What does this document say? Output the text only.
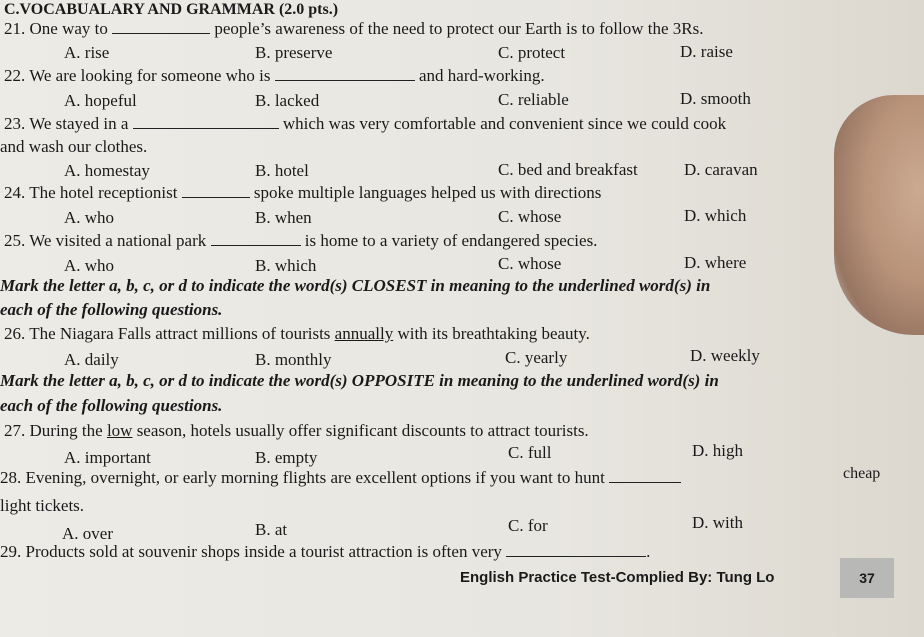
C.VOCABUALARY AND GRAMMAR (2.0 pts.)
21. One way to	people’s awareness of the need to protect our Earth is to follow the 3Rs.
A. rise	B. preserve	C. protect	D. raise
22. We are looking for someone who is	and hard-working.
A. hopeful	B. lacked	C. reliable	D. smooth
23. We stayed in a	which was very comfortable and convenient since we could cook
and wash our clothes.
A. homestay	B. hotel	C. bed and breakfast	D. caravan
24. The hotel receptionist	spoke multiple languages helped us with directions
A. who	B. when	C. whose	D. which
25. We visited a national park	is home to a variety of endangered species.
A. who	B. which	C. whose	D. where
Mark the letter a, b, c, or d to indicate the word(s) CLOSEST in meaning to the underlined word(s) in
each of the following questions.
26. The Niagara Falls attract millions of tourists annually with its breathtaking beauty.
A. daily	B. monthly	C. yearly	D. weekly
Mark the letter a, b, c, or d to indicate the word(s) OPPOSITE in meaning to the underlined word(s) in
each of the following questions.
27. During the low season, hotels usually offer significant discounts to attract tourists.
A. important	B. empty	C. full	D. high
28. Evening, overnight, or early morning flights are excellent options if you want to hunt	cheap
light tickets.
A. over	B. at	C. for	D. with
29. Products sold at souvenir shops inside a tourist attraction is often very	.
English Practice Test-Complied By: Tung Lo	37
